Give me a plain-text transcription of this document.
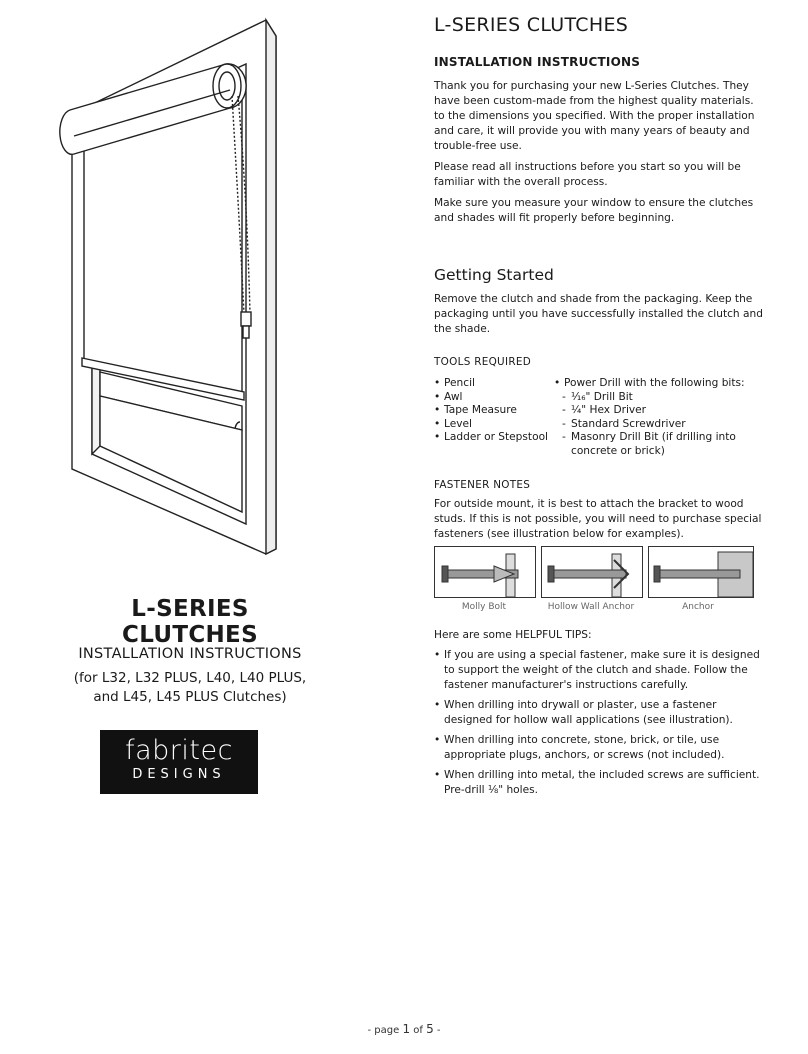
L-SERIES CLUTCHES
INSTALLATION INSTRUCTIONS
(for L32, L32 PLUS, L40, L40 PLUS,
and L45, L45 PLUS Clutches)
fabritec
DESIGNS
L-SERIES CLUTCHES
INSTALLATION INSTRUCTIONS

Thank you for purchasing your new L-Series Clutches. They have been custom-made from the highest quality materials. to the dimensions you specified. With the proper installation and care, it will provide you with many years of beauty and trouble-free use.

Please read all instructions before you start so you will be familiar with the overall process.

Make sure you measure your window to ensure the clutches and shades will fit properly before beginning.

Getting Started
Remove the clutch and shade from the packaging. Keep the packaging until you have successfully installed the clutch and the shade.
TOOLS REQUIRED
• Pencil
• Awl
• Tape Measure
• Level
• Ladder or Stepstool
• Power Drill with the following bits:
- ¹⁄₁₆" Drill Bit
- ¼" Hex Driver
- Standard Screwdriver
- Masonry Drill Bit (if drilling into concrete or brick)
FASTENER NOTES
For outside mount, it is best to attach the bracket to wood studs. If this is not possible, you will need to purchase special fasteners (see illustration below for examples).
Molly Bolt	Hollow Wall Anchor	Anchor
Here are some HELPFUL TIPS:
• If you are using a special fastener, make sure it is designed to support the weight of the clutch and shade. Follow the fastener manufacturer's instructions carefully.
• When drilling into drywall or plaster, use a fastener designed for hollow wall applications (see illustration).
• When drilling into concrete, stone, brick, or tile, use appropriate plugs, anchors, or screws (not included).
• When drilling into metal, the included screws are sufficient. Pre-drill ⅛" holes.
- page 1 of 5 -
